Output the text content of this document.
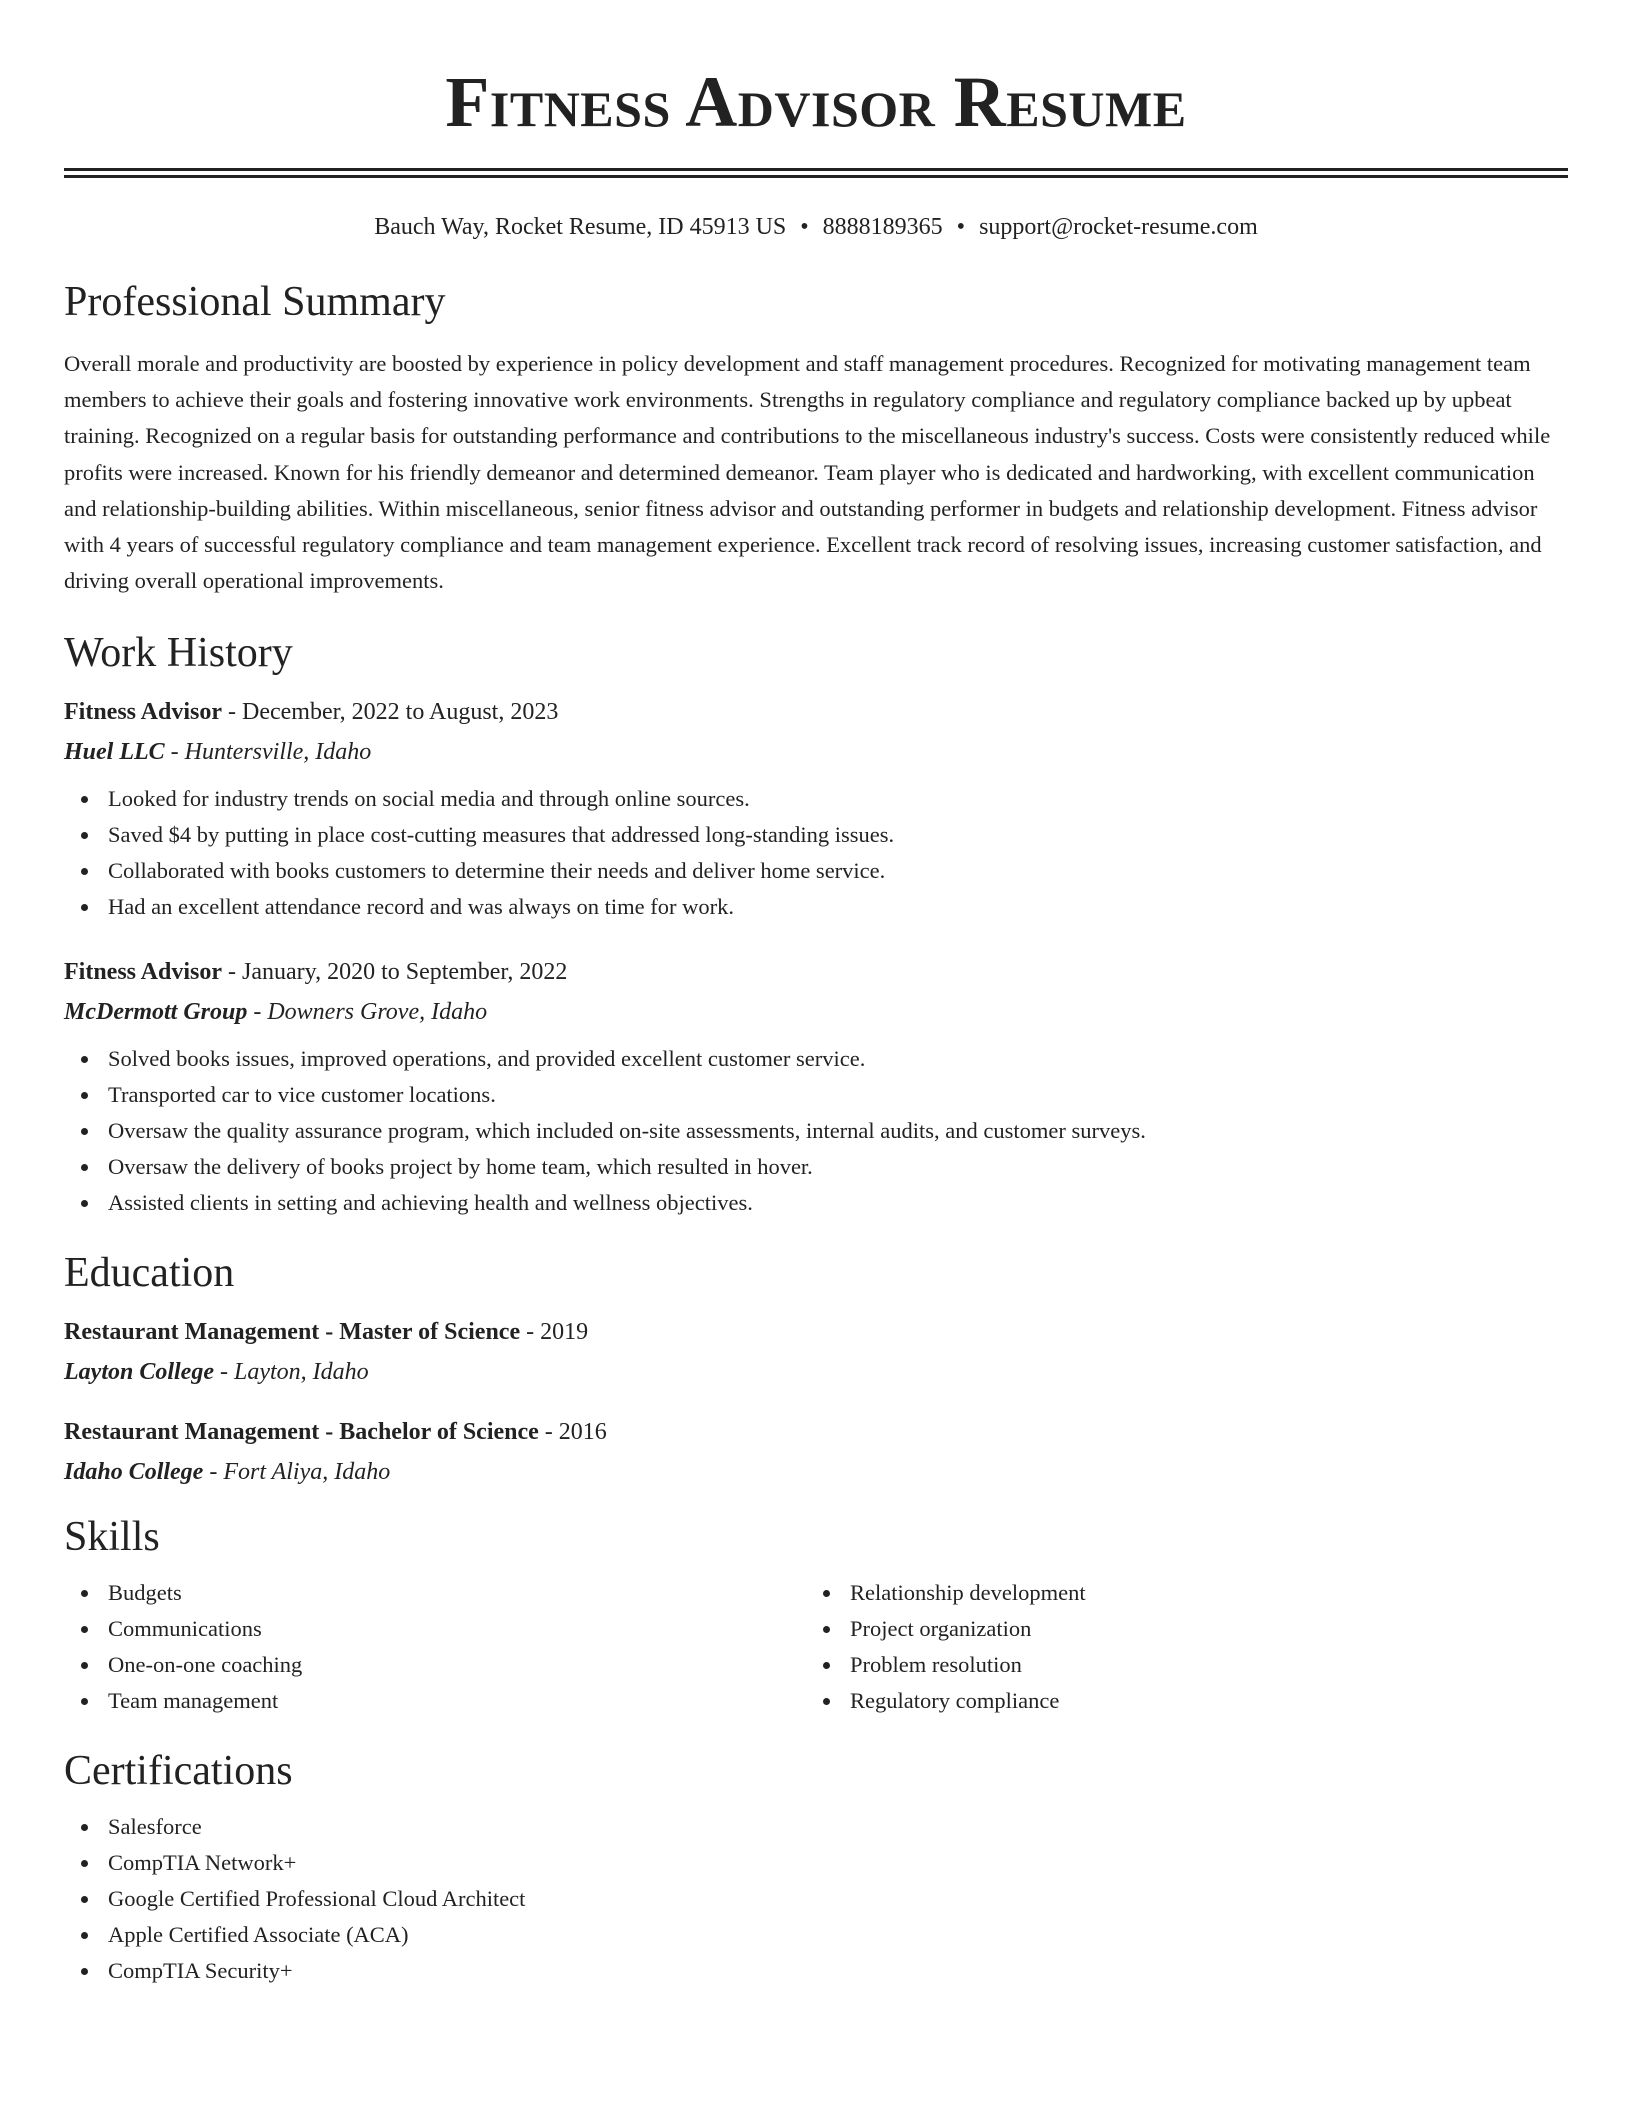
Fitness Advisor Resume
Bauch Way, Rocket Resume, ID 45913 US • 8888189365 • support@rocket-resume.com
Professional Summary

Overall morale and productivity are boosted by experience in policy development and staff management procedures. Recognized for motivating management team members to achieve their goals and fostering innovative work environments. Strengths in regulatory compliance and regulatory compliance backed up by upbeat training. Recognized on a regular basis for outstanding performance and contributions to the miscellaneous industry's success. Costs were consistently reduced while profits were increased. Known for his friendly demeanor and determined demeanor. Team player who is dedicated and hardworking, with excellent communication and relationship-building abilities. Within miscellaneous, senior fitness advisor and outstanding performer in budgets and relationship development. Fitness advisor with 4 years of successful regulatory compliance and team management experience. Excellent track record of resolving issues, increasing customer satisfaction, and driving overall operational improvements.

Work History
Fitness Advisor - December, 2022 to August, 2023
Huel LLC - Huntersville, Idaho
Looked for industry trends on social media and through online sources.
Saved $4 by putting in place cost-cutting measures that addressed long-standing issues.
Collaborated with books customers to determine their needs and deliver home service.
Had an excellent attendance record and was always on time for work.
Fitness Advisor - January, 2020 to September, 2022
McDermott Group - Downers Grove, Idaho
Solved books issues, improved operations, and provided excellent customer service.
Transported car to vice customer locations.
Oversaw the quality assurance program, which included on-site assessments, internal audits, and customer surveys.
Oversaw the delivery of books project by home team, which resulted in hover.
Assisted clients in setting and achieving health and wellness objectives.
Education
Restaurant Management - Master of Science - 2019
Layton College - Layton, Idaho
Restaurant Management - Bachelor of Science - 2016
Idaho College - Fort Aliya, Idaho
Skills
Budgets
Communications
One-on-one coaching
Team management
Relationship development
Project organization
Problem resolution
Regulatory compliance
Certifications
Salesforce
CompTIA Network+
Google Certified Professional Cloud Architect
Apple Certified Associate (ACA)
CompTIA Security+
